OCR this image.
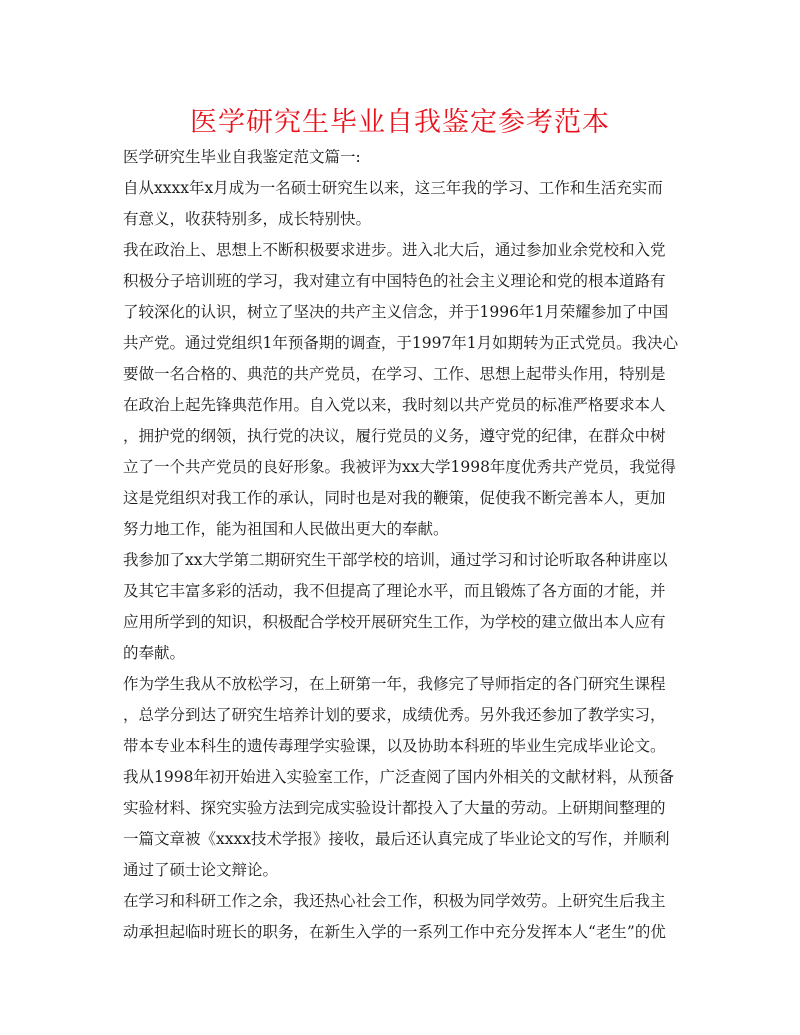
医学研究生毕业自我鉴定参考范本
医学研究生毕业自我鉴定范文篇一:
自从xxxx年x月成为一名硕士研究生以来，这三年我的学习、工作和生活充实而
有意义，收获特别多，成长特别快。
我在政治上、思想上不断积极要求进步。进入北大后，通过参加业余党校和入党
积极分子培训班的学习，我对建立有中国特色的社会主义理论和党的根本道路有
了较深化的认识，树立了坚决的共产主义信念，并于1996年1月荣耀参加了中国
共产党。通过党组织1年预备期的调查，于1997年1月如期转为正式党员。我决心
要做一名合格的、典范的共产党员，在学习、工作、思想上起带头作用，特别是
在政治上起先锋典范作用。自入党以来，我时刻以共产党员的标准严格要求本人
，拥护党的纲领，执行党的决议，履行党员的义务，遵守党的纪律，在群众中树
立了一个共产党员的良好形象。我被评为xx大学1998年度优秀共产党员，我觉得
这是党组织对我工作的承认，同时也是对我的鞭策，促使我不断完善本人，更加
努力地工作，能为祖国和人民做出更大的奉献。
我参加了xx大学第二期研究生干部学校的培训，通过学习和讨论听取各种讲座以
及其它丰富多彩的活动，我不但提高了理论水平，而且锻炼了各方面的才能，并
应用所学到的知识，积极配合学校开展研究生工作，为学校的建立做出本人应有
的奉献。
作为学生我从不放松学习，在上研第一年，我修完了导师指定的各门研究生课程
，总学分到达了研究生培养计划的要求，成绩优秀。另外我还参加了教学实习，
带本专业本科生的遗传毒理学实验课，以及协助本科班的毕业生完成毕业论文。
我从1998年初开始进入实验室工作，广泛查阅了国内外相关的文献材料，从预备
实验材料、探究实验方法到完成实验设计都投入了大量的劳动。上研期间整理的
一篇文章被《xxxx技术学报》接收，最后还认真完成了毕业论文的写作，并顺利
通过了硕士论文辩论。
在学习和科研工作之余，我还热心社会工作，积极为同学效劳。上研究生后我主
动承担起临时班长的职务，在新生入学的一系列工作中充分发挥本人“老生”的优
